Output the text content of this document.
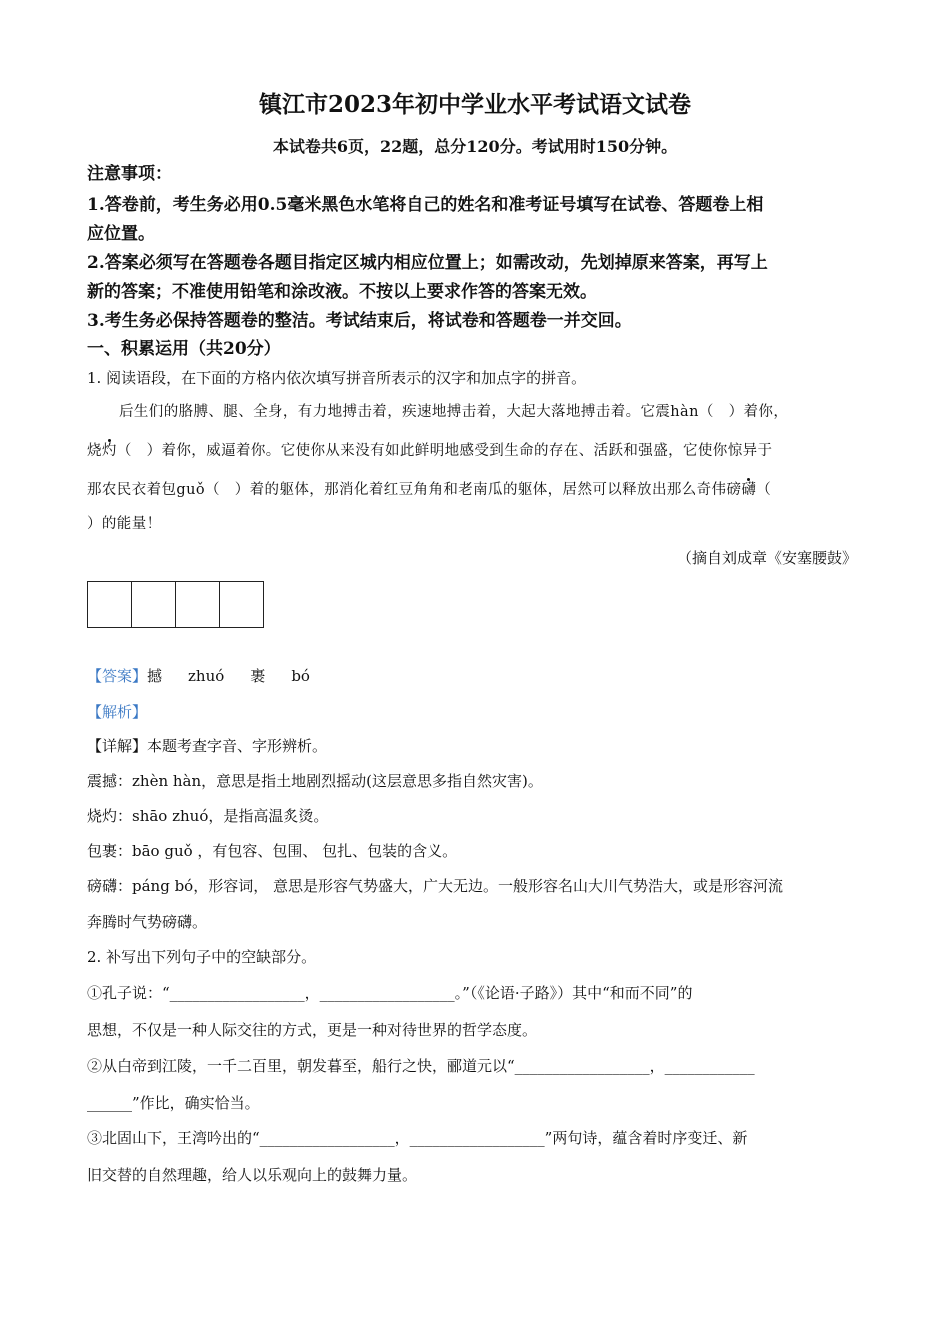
镇江市2023年初中学业水平考试语文试卷
本试卷共6页，22题，总分120分。考试用时150分钟。
注意事项：
1.答卷前，考生务必用0.5毫米黑色水笔将自己的姓名和准考证号填写在试卷、答题卷上相
应位置。
2.答案必须写在答题卷各题目指定区城内相应位置上；如需改动，先划掉原来答案，再写上
新的答案；不准使用铅笔和涂改液。不按以上要求作答的答案无效。
3.考生务必保持答题卷的整洁。考试结束后，将试卷和答题卷一并交回。
一、积累运用（共20分）
1. 阅读语段，在下面的方格内依次填写拼音所表示的汉字和加点字的拼音。
后生们的胳膊、腿、全身，有力地搏击着，疾速地搏击着，大起大落地搏击着。它震hàn（　）着你，
烧灼（　）着你，威逼着你。它使你从来没有如此鲜明地感受到生命的存在、活跃和强盛，它使你惊异于
那农民衣着包guǒ（　）着的躯体，那消化着红豆角角和老南瓜的躯体，居然可以释放出那么奇伟磅礴（
）的能量！
（摘自刘成章《安塞腰鼓》
【答案】撼 zhuó 裹 bó
【解析】
【详解】本题考查字音、字形辨析。
震撼：zhèn hàn，意思是指土地剧烈摇动(这层意思多指自然灾害)。
烧灼：shāo zhuó，是指高温炙烫。
包裹：bāo guǒ ，有包容、包围、 包扎、包装的含义。
磅礴：páng bó，形容词， 意思是形容气势盛大，广大无边。一般形容名山大川气势浩大，或是形容河流
奔腾时气势磅礴。
2. 补写出下列句子中的空缺部分。
①孔子说：“__________________，__________________。”（《论语·子路》）其中“和而不同”的
思想，不仅是一种人际交往的方式，更是一种对待世界的哲学态度。
②从白帝到江陵，一千二百里，朝发暮至，船行之快，郦道元以“__________________，____________
______”作比，确实恰当。
③北固山下，王湾吟出的“__________________，__________________”两句诗，蕴含着时序变迁、新
旧交替的自然理趣，给人以乐观向上的鼓舞力量。
